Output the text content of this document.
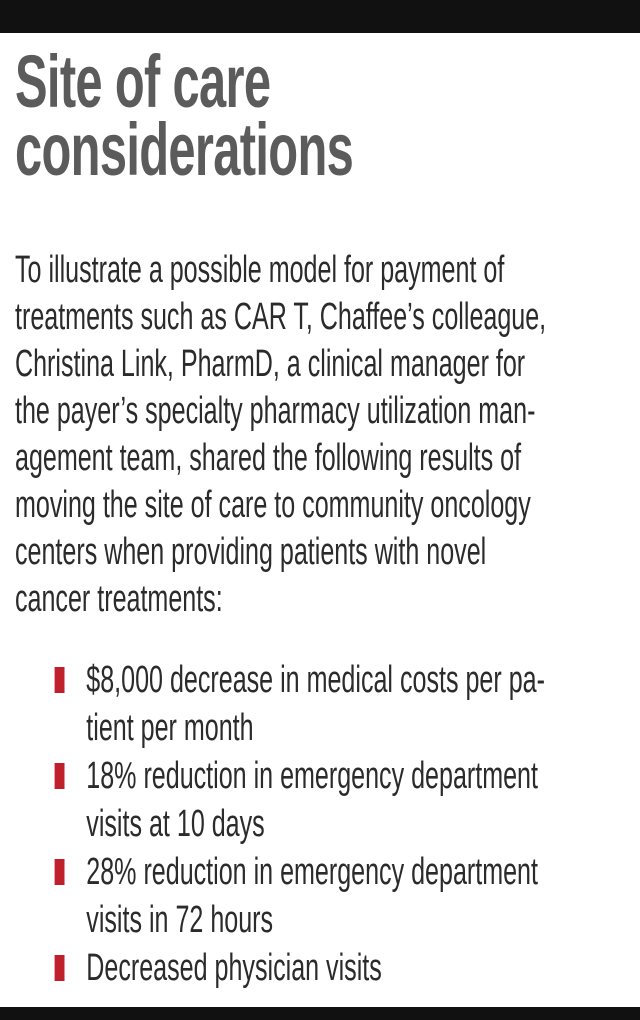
Site of care
considerations

To illustrate a possible model for payment of
treatments such as CAR T, Chaffee’s colleague,
Christina Link, PharmD, a clinical manager for
the payer’s specialty pharmacy utilization man-
agement team, shared the following results of
moving the site of care to community oncology
centers when providing patients with novel
cancer treatments:

$8,000 decrease in medical costs per pa-
tient per month
18% reduction in emergency department
visits at 10 days
28% reduction in emergency department
visits in 72 hours
Decreased physician visits
